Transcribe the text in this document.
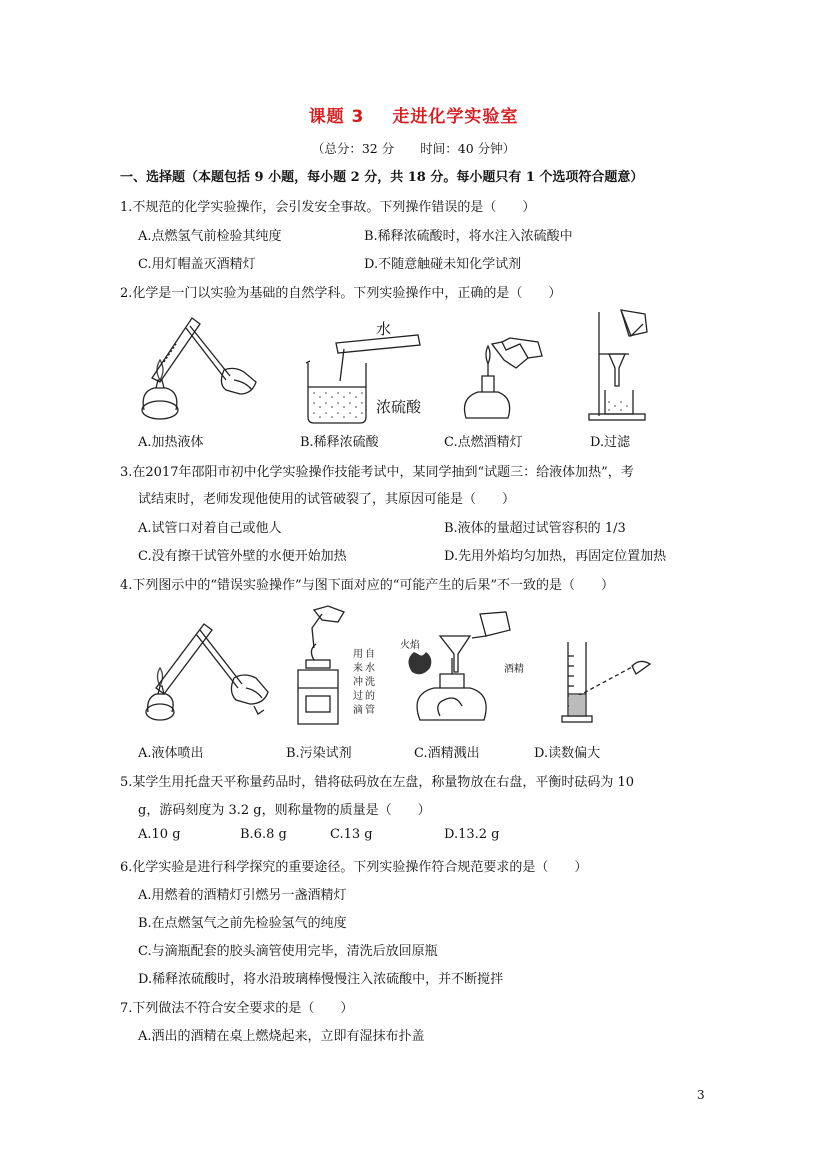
课题 3 走进化学实验室
（总分：32 分 时间：40 分钟）
一、选择题（本题包括 9 小题，每小题 2 分，共 18 分。每小题只有 1 个选项符合题意）
1.不规范的化学实验操作，会引发安全事故。下列操作错误的是（　　）
A.点燃氢气前检验其纯度	B.稀释浓硫酸时，将水注入浓硫酸中
C.用灯帽盖灭酒精灯	D.不随意触碰未知化学试剂
2.化学是一门以实验为基础的自然学科。下列实验操作中，正确的是（　　）
水
浓硫酸
A.加热液体	B.稀释浓硫酸	C.点燃酒精灯	D.过滤
3.在2017年邵阳市初中化学实验操作技能考试中，某同学抽到“试题三：给液体加热”，考
试结束时，老师发现他使用的试管破裂了，其原因可能是（　　）
A.试管口对着自己或他人	B.液体的量超过试管容积的 1/3
C.没有擦干试管外壁的水便开始加热	D.先用外焰均匀加热，再固定位置加热
4.下列图示中的“错误实验操作”与图下面对应的“可能产生的后果”不一致的是（　　）
用
来
冲
过
滴
自
水
洗
的
管
火焰
酒精
A.液体喷出	B.污染试剂	C.酒精溅出	D.读数偏大
5.某学生用托盘天平称量药品时，错将砝码放在左盘，称量物放在右盘，平衡时砝码为 10
g，游码刻度为 3.2 g，则称量物的质量是（　　）
A.10 g	B.6.8 g	C.13 g	D.13.2 g
6.化学实验是进行科学探究的重要途径。下列实验操作符合规范要求的是（　　）
A.用燃着的酒精灯引燃另一盏酒精灯
B.在点燃氢气之前先检验氢气的纯度
C.与滴瓶配套的胶头滴管使用完毕，清洗后放回原瓶
D.稀释浓硫酸时，将水沿玻璃棒慢慢注入浓硫酸中，并不断搅拌
7.下列做法不符合安全要求的是（　　）
A.洒出的酒精在桌上燃烧起来，立即有湿抹布扑盖
3
